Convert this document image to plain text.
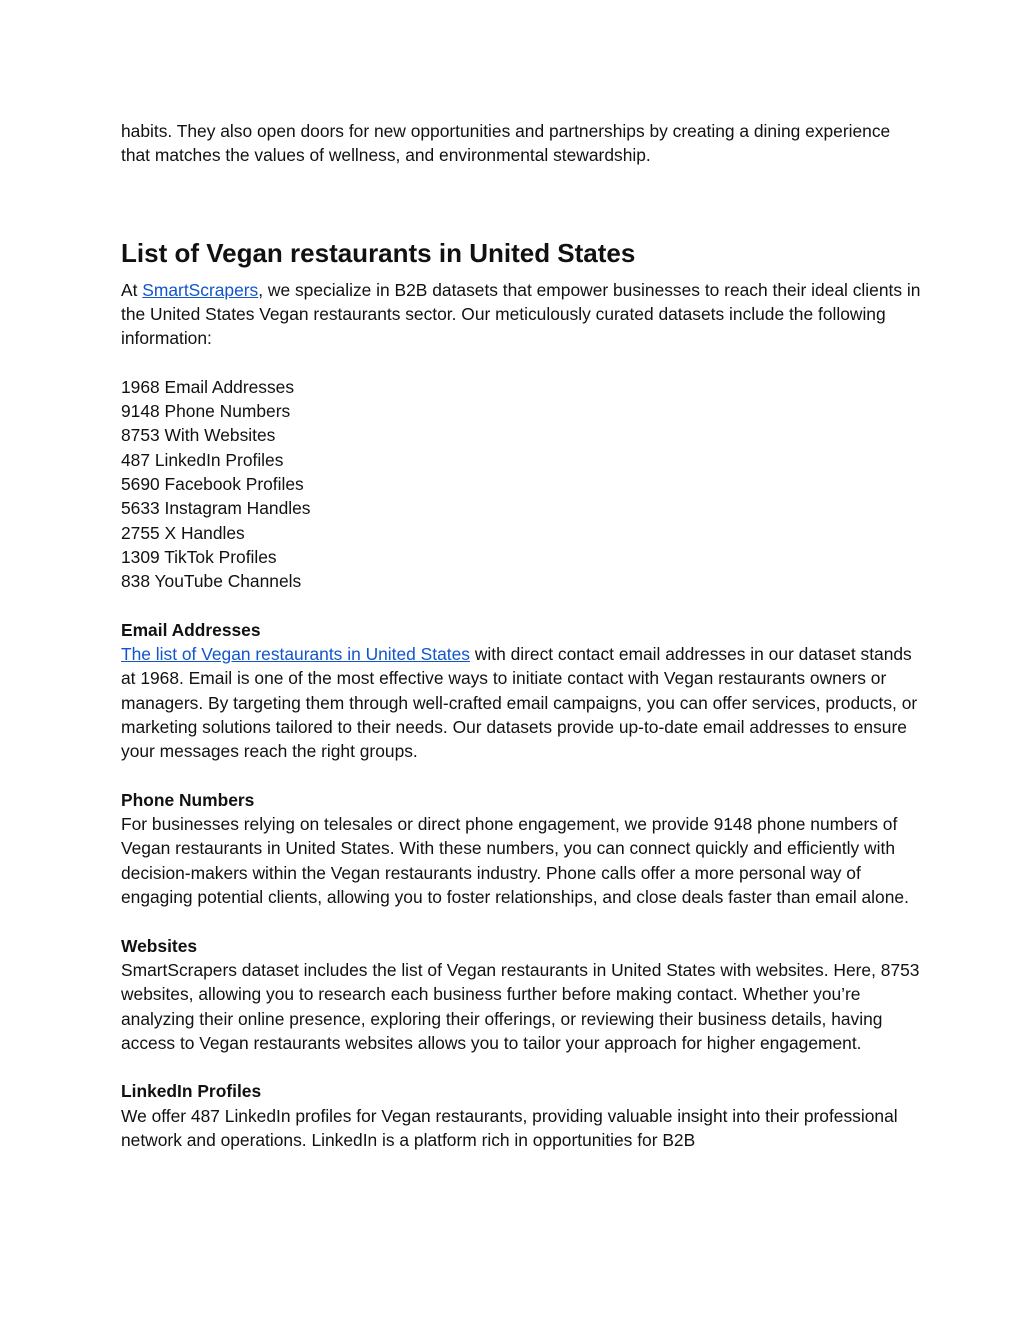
habits. They also open doors for new opportunities and partnerships by creating a dining experience that matches the values of wellness, and environmental stewardship.

List of Vegan restaurants in United States

At SmartScrapers, we specialize in B2B datasets that empower businesses to reach their ideal clients in the United States Vegan restaurants sector. Our meticulously curated datasets include the following information:

1968 Email Addresses
9148 Phone Numbers
8753 With Websites
487 LinkedIn Profiles
5690 Facebook Profiles
5633 Instagram Handles
2755 X Handles
1309 TikTok Profiles
838 YouTube Channels
Email Addresses

The list of Vegan restaurants in United States with direct contact email addresses in our dataset stands at 1968. Email is one of the most effective ways to initiate contact with Vegan restaurants owners or managers. By targeting them through well-crafted email campaigns, you can offer services, products, or marketing solutions tailored to their needs. Our datasets provide up-to-date email addresses to ensure your messages reach the right groups.

Phone Numbers

For businesses relying on telesales or direct phone engagement, we provide 9148 phone numbers of Vegan restaurants in United States. With these numbers, you can connect quickly and efficiently with decision-makers within the Vegan restaurants industry. Phone calls offer a more personal way of engaging potential clients, allowing you to foster relationships, and close deals faster than email alone.

Websites

SmartScrapers dataset includes the list of Vegan restaurants in United States with websites. Here, 8753 websites, allowing you to research each business further before making contact. Whether you’re analyzing their online presence, exploring their offerings, or reviewing their business details, having access to Vegan restaurants websites allows you to tailor your approach for higher engagement.

LinkedIn Profiles

We offer 487 LinkedIn profiles for Vegan restaurants, providing valuable insight into their professional network and operations. LinkedIn is a platform rich in opportunities for B2B
